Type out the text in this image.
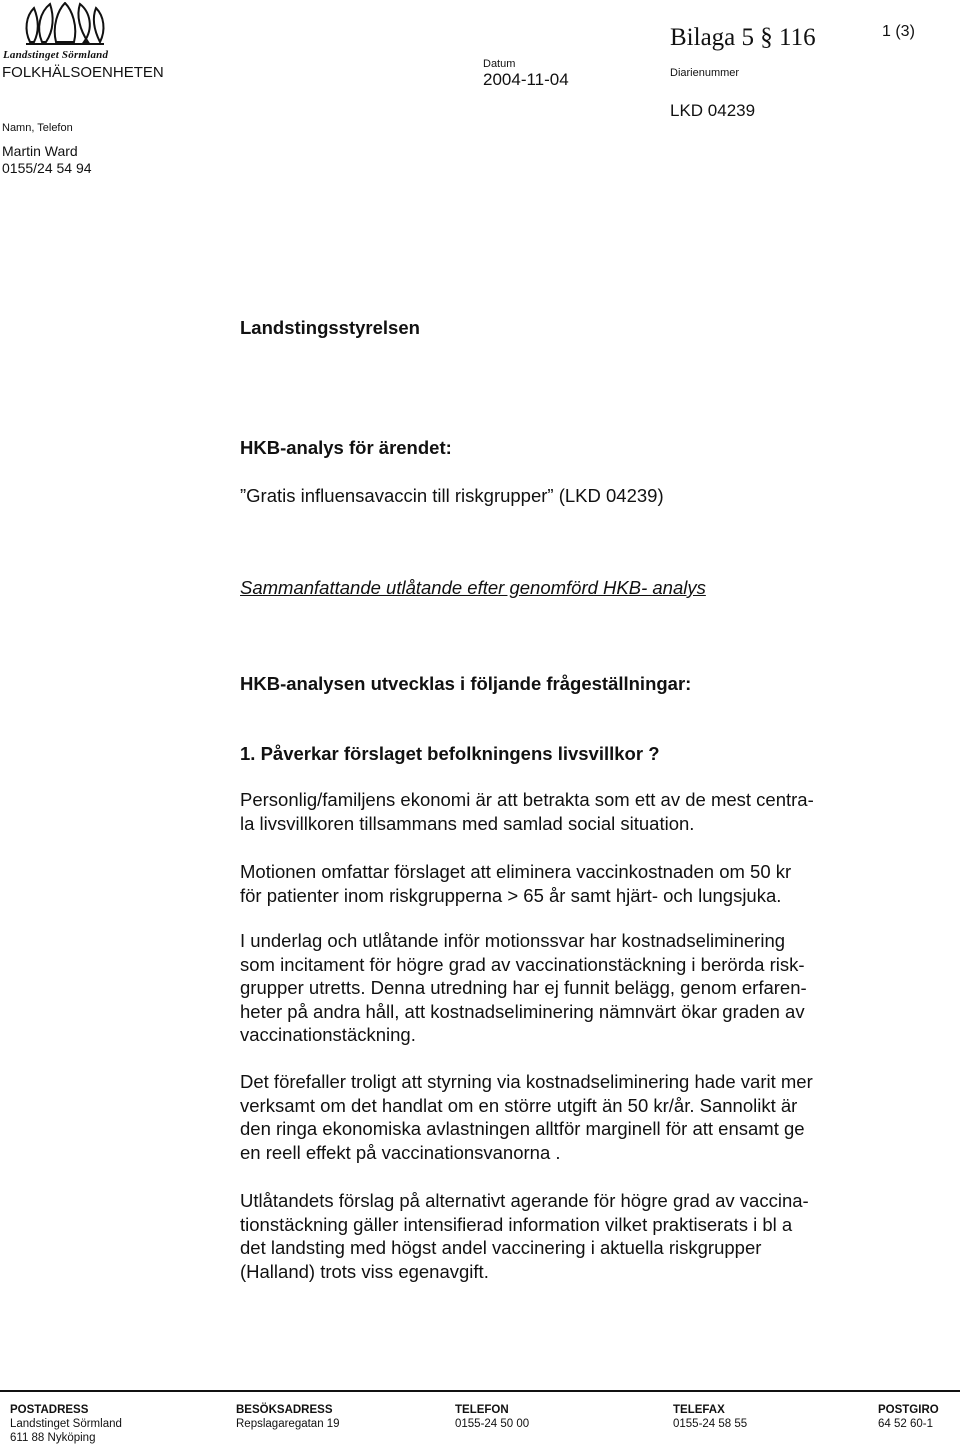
Landstinget Sörmland
FOLKHÄLSOENHETEN	Datum
2004-11-04
Bilaga 5 § 116	1 (3)
Diarienummer
LKD 04239
Namn, Telefon
Martin Ward
0155/24 54 94
Landstingsstyrelsen
HKB-analys för ärendet:
”Gratis influensavaccin till riskgrupper” (LKD 04239)
Sammanfattande utlåtande efter genomförd HKB- analys
HKB-analysen utvecklas i följande frågeställningar:
1. Påverkar förslaget befolkningens livsvillkor ?
Personlig/familjens ekonomi är att betrakta som ett av de mest centra-
la livsvillkoren tillsammans med samlad social situation.
Motionen omfattar förslaget att eliminera vaccinkostnaden om 50 kr
för patienter inom riskgrupperna > 65 år samt hjärt- och lungsjuka.
I underlag och utlåtande inför motionssvar har kostnadseliminering
som incitament för högre grad av vaccinationstäckning i berörda risk-
grupper utretts. Denna utredning har ej funnit belägg, genom erfaren-
heter på andra håll, att kostnadseliminering nämnvärt ökar graden av
vaccinationstäckning.
Det förefaller troligt att styrning via kostnadseliminering hade varit mer
verksamt om det handlat om en större utgift än 50 kr/år. Sannolikt är
den ringa ekonomiska avlastningen alltför marginell för att ensamt ge
en reell effekt på vaccinationsvanorna .
Utlåtandets förslag på alternativt agerande för högre grad av vaccina-
tionstäckning gäller intensifierad information vilket praktiserats i bl a
det landsting med högst andel vaccinering i aktuella riskgrupper
(Halland) trots viss egenavgift.
POSTADRESS
Landstinget Sörmland
611 88 Nyköping
BESÖKSADRESS
Repslagaregatan 19
TELEFON
0155-24 50 00
TELEFAX
0155-24 58 55
POSTGIRO
64 52 60-1
